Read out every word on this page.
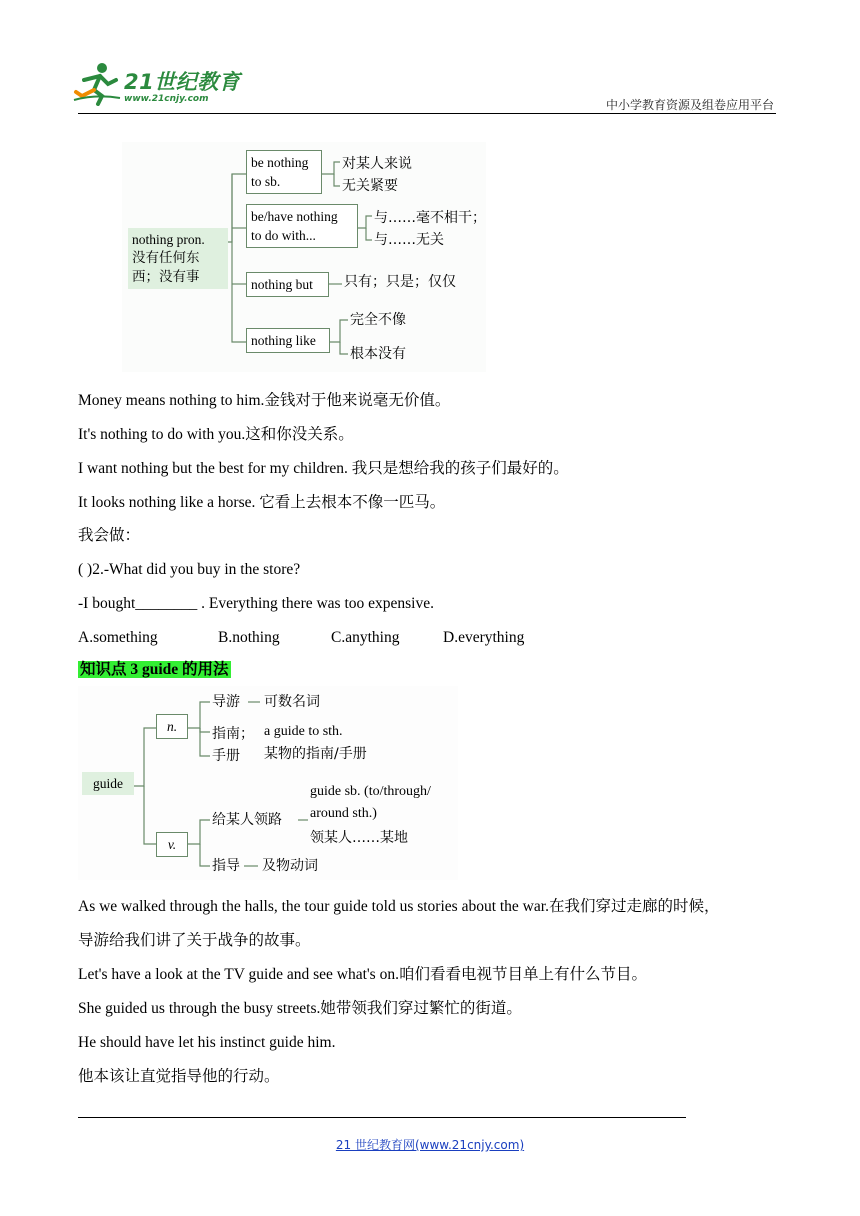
21世纪教育
www.21cnjy.com	中小学教育资源及组卷应用平台
nothing pron.
没有任何东
西；没有事
be nothing
to sb.
对某人来说
无关紧要
be/have nothing
to do with...
与……毫不相干；
与……无关
nothing but	只有；只是；仅仅
nothing like
完全不像
根本没有
Money means nothing to him.金钱对于他来说毫无价值。
It's nothing to do with you.这和你没关系。
I want nothing but the best for my children. 我只是想给我的孩子们最好的。
It looks nothing like a horse. 它看上去根本不像一匹马。
我会做：
( )2.-What did you buy in the store?
-I bought________ . Everything there was too expensive.
A.something	B.nothing	C.anything	D.everything
知识点 3 guide 的用法
guide
n.
v.
导游 可数名词
指南； a guide to sth.
手册 某物的指南/手册
guide sb. (to/through/
给某人领路 around sth.)
领某人……某地
指导 及物动词
As we walked through the halls, the tour guide told us stories about the war.在我们穿过走廊的时候，
导游给我们讲了关于战争的故事。
Let's have a look at the TV guide and see what's on.咱们看看电视节目单上有什么节目。
She guided us through the busy streets.她带领我们穿过繁忙的街道。
He should have let his instinct guide him.
他本该让直觉指导他的行动。
21 世纪教育网(www.21cnjy.com)
